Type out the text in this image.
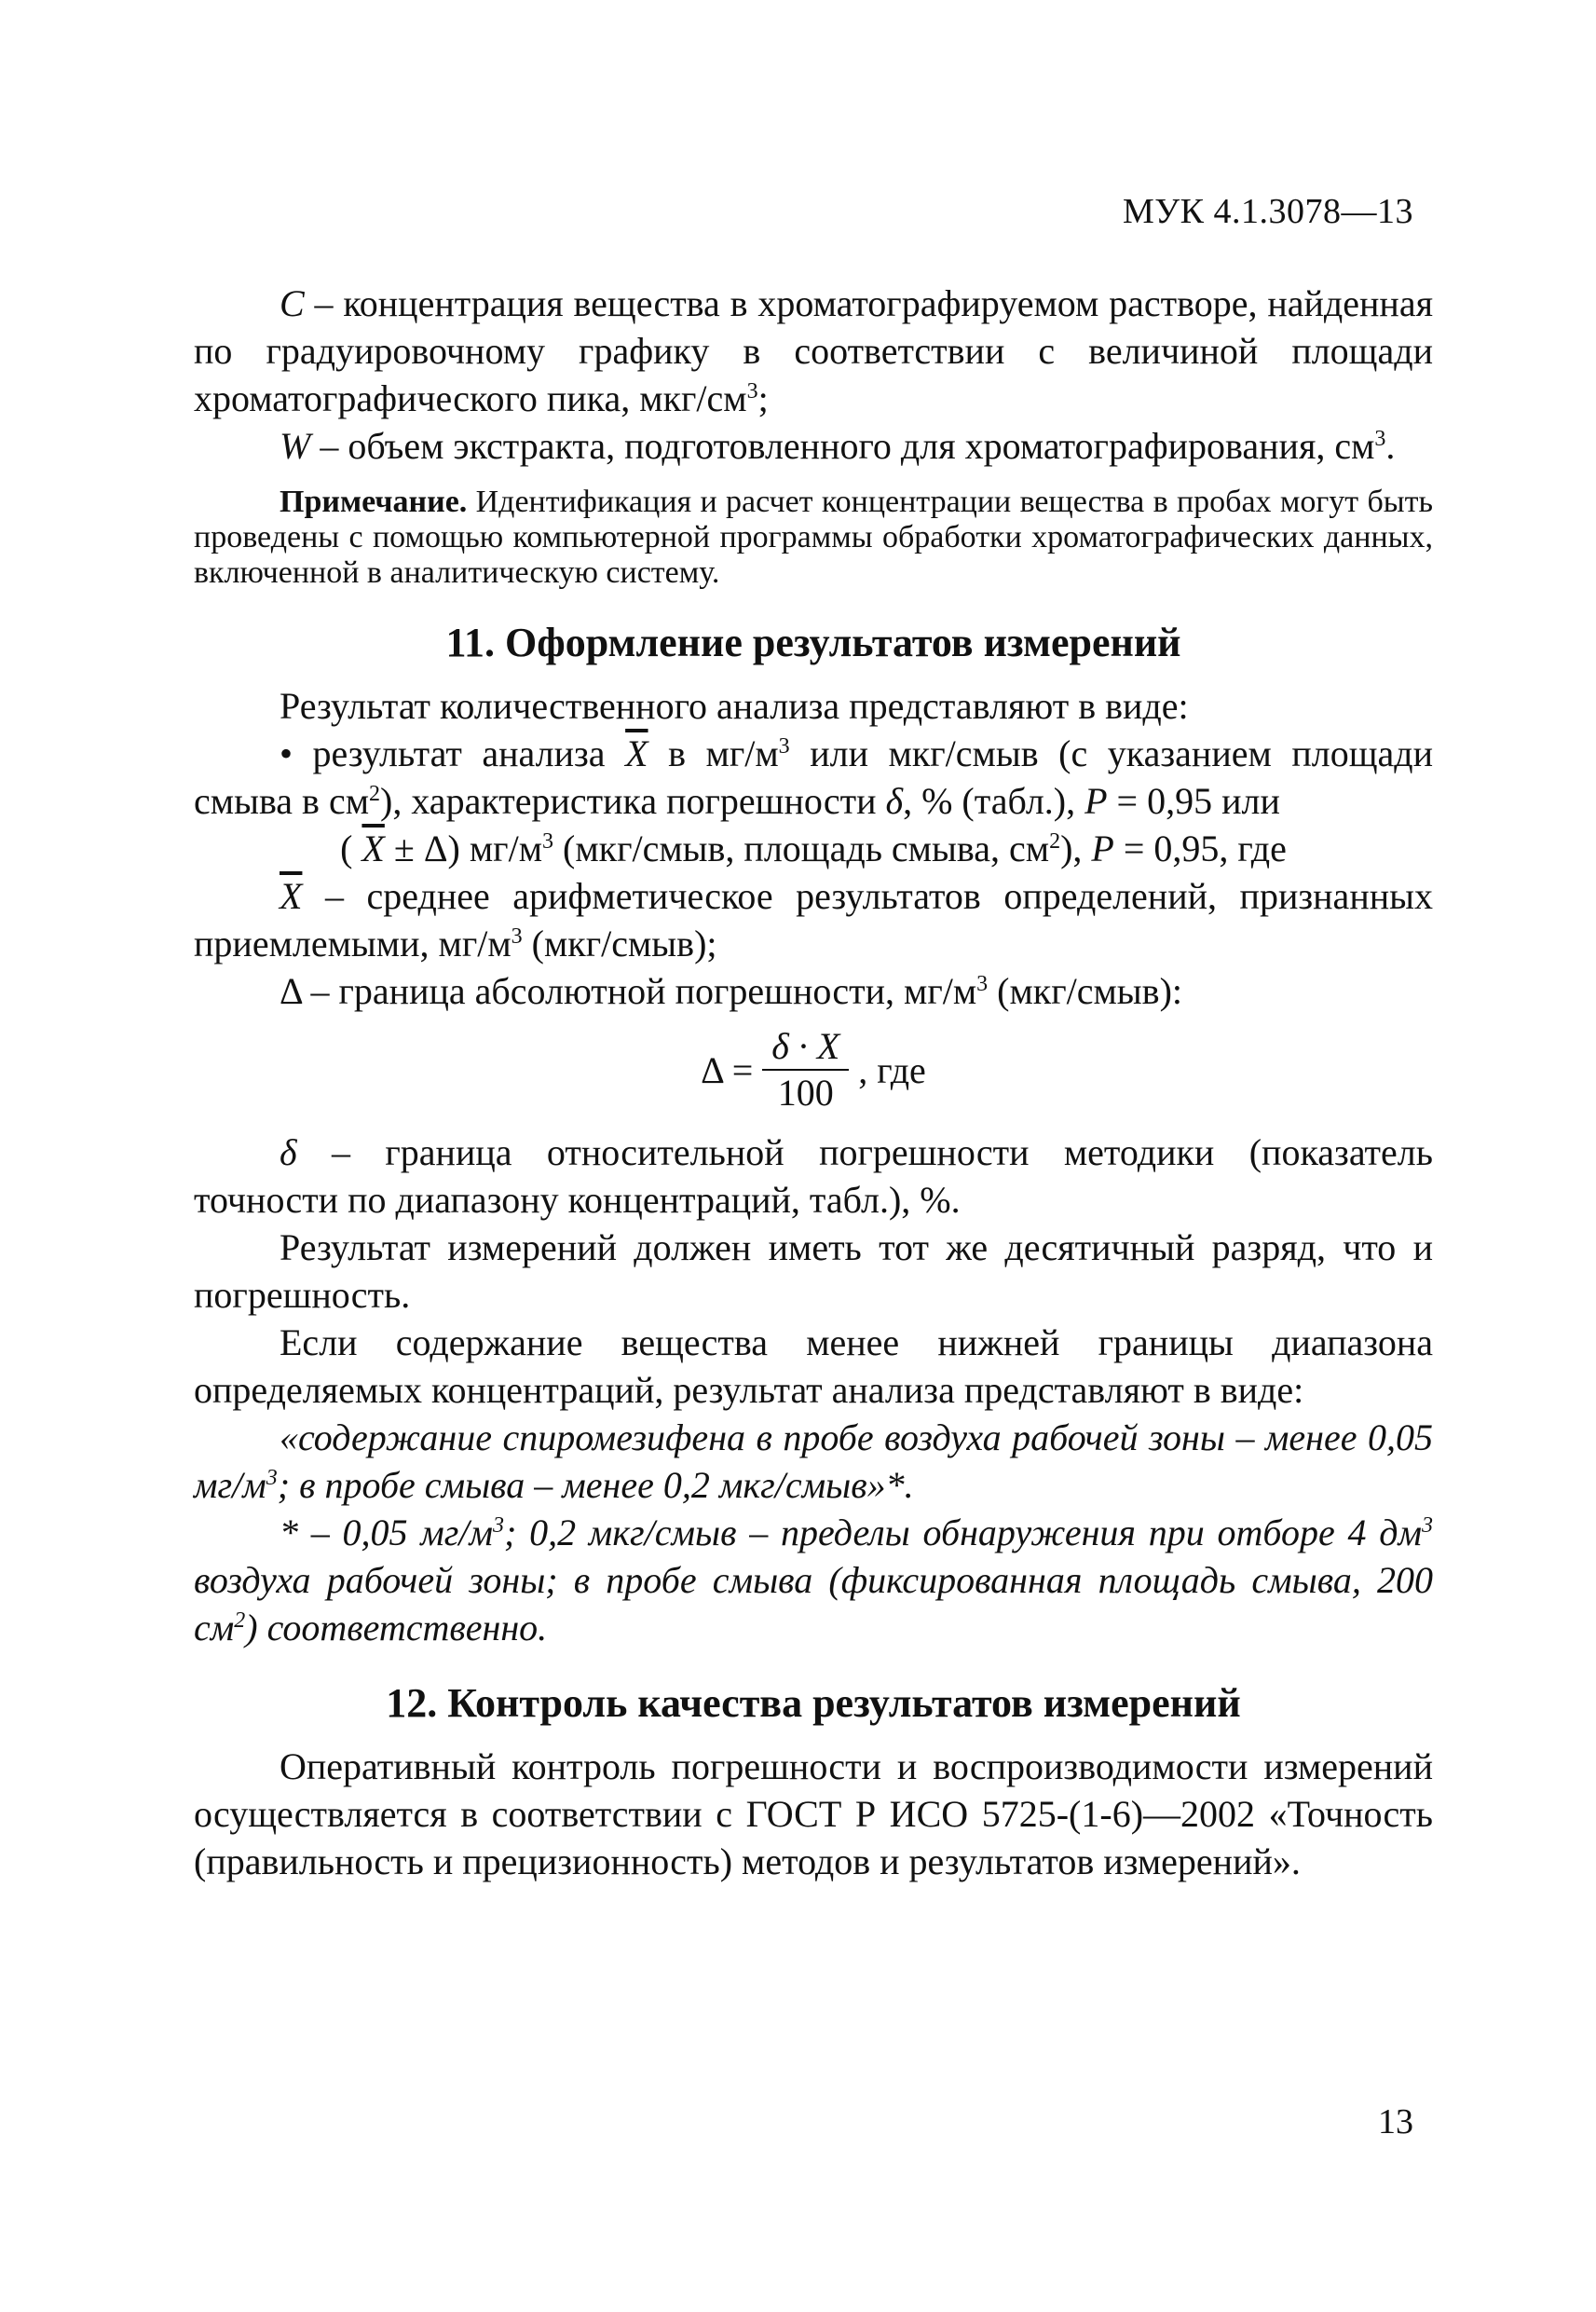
МУК 4.1.3078—13

C – концентрация вещества в хроматографируемом растворе, найденная по градуировочному графику в соответствии с величиной площади хроматографического пика, мкг/$см^3$;

W – объем экстракта, подготовленного для хроматографирования, $см^3$.

Примечание. Идентификация и расчет концентрации вещества в пробах могут быть проведены с помощью компьютерной программы обработки хроматографических данных, включенной в аналитическую систему.

11. Оформление результатов измерений

Результат количественного анализа представляют в виде:

• результат анализа $\overline{X}$ в $мг/м^3$ или мкг/смыв (с указанием площади смыва в $см^2$), характеристика погрешности δ, % (табл.), P = 0,95 или

( $\overline{X} \pm \Delta$) $мг/м^3$ (мкг/смыв, площадь смыва, $см^2$), P = 0,95, где

$\overline{X}$ – среднее арифметическое результатов определений, признанных приемлемыми, $мг/м^3$ (мкг/смыв);

Δ – граница абсолютной погрешности, $мг/м^3$ (мкг/смыв):

$\Delta = \frac{\delta \cdot X}{100}$ , где

δ – граница относительной погрешности методики (показатель точности по диапазону концентраций, табл.), %.

Результат измерений должен иметь тот же десятичный разряд, что и погрешность.

Если содержание вещества менее нижней границы диапазона определяемых концентраций, результат анализа представляют в виде:

«содержание спиромезифена в пробе воздуха рабочей зоны – менее 0,05 $мг/м^3$; в пробе смыва – менее 0,2 мкг/смыв»*.

* – 0,05 $мг/м^3$; 0,2 мкг/смыв – пределы обнаружения при отборе 4 $дм^3$ воздуха рабочей зоны; в пробе смыва (фиксированная площадь смыва, 200 $см^2$) соответственно.

12. Контроль качества результатов измерений

Оперативный контроль погрешности и воспроизводимости измерений осуществляется в соответствии с ГОСТ Р ИСО 5725-(1-6)—2002 «Точность (правильность и прецизионность) методов и результатов измерений».

13
